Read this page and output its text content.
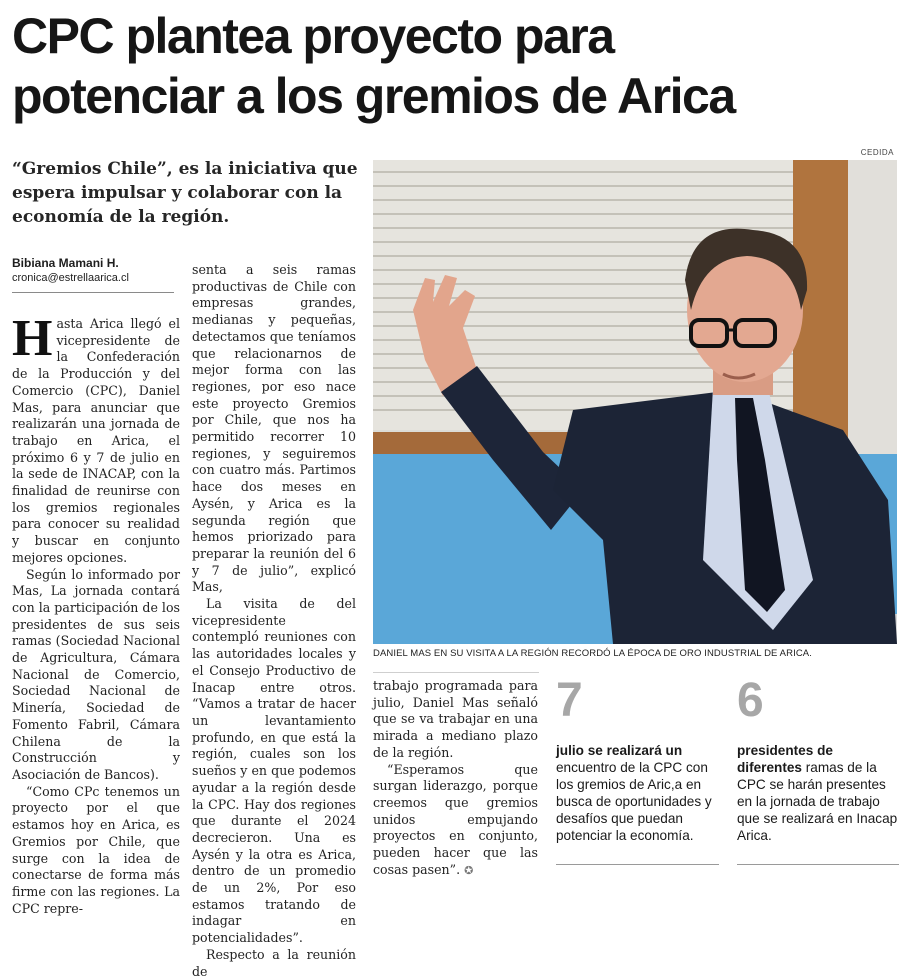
CPC plantea proyecto para
potenciar a los gremios de Arica

“Gremios Chile”, es la iniciativa que espera impulsar y colaborar con la economía de la región.

Bibiana Mamani H.
cronica@estrellaarica.cl
H asta Arica llegó el vicepresidente de la Confederación de la Producción y del Comercio (CPC), Daniel Mas, para anunciar que realizarán una jornada de trabajo en Arica, el próximo 6 y 7 de julio en la sede de INACAP, con la finalidad de reunirse con los gremios regionales para conocer su realidad y buscar en conjunto mejores opciones.

Según lo informado por Mas, La jornada contará con la participación de los presidentes de sus seis ramas (Sociedad Nacional de Agricultura, Cámara Nacional de Comercio, Sociedad Nacional de Minería, Sociedad de Fomento Fabril, Cámara Chilena de la Construcción y Asociación de Bancos).

“Como CPc tenemos un proyecto por el que estamos hoy en Arica, es Gremios por Chile, que surge con la idea de conectarse de forma más firme con las regiones. La CPC repre-

senta a seis ramas productivas de Chile con empresas grandes, medianas y pequeñas, detectamos que teníamos que relacionarnos de mejor forma con las regiones, por eso nace este proyecto Gremios por Chile, que nos ha permitido recorrer 10 regiones, y seguiremos con cuatro más. Partimos hace dos meses en Aysén, y Arica es la segunda región que hemos priorizado para preparar la reunión del 6 y 7 de julio”, explicó Mas,

La visita de del vicepresidente contempló reuniones con las autoridades locales y el Consejo Productivo de Inacap entre otros. “Vamos a tratar de hacer un levantamiento profundo, en que está la región, cuales son los sueños y en que podemos ayudar a la región desde la CPC. Hay dos regiones que durante el 2024 decrecieron. Una es Aysén y la otra es Arica, dentro de un promedio de un 2%, Por eso estamos tratando de indagar en potencialidades”.

Respecto a la reunión de

trabajo programada para julio, Daniel Mas señaló que se va trabajar en una mirada a mediano plazo de la región.

“Esperamos que surgan liderazgo, porque creemos que gremios unidos empujando proyectos en conjunto, pueden hacer que las cosas pasen”. ✪

CEDIDA
DANIEL MAS EN SU VISITA A LA REGIÓN RECORDÓ LA ÉPOCA DE ORO INDUSTRIAL DE ARICA.
7
julio se realizará un encuentro de la CPC con los gremios de Aric,a en busca de oportunidades y desafíos que puedan potenciar la economía.
6
presidentes de diferentes ramas de la CPC se harán presentes en la jornada de trabajo que se realizará en Inacap Arica.
